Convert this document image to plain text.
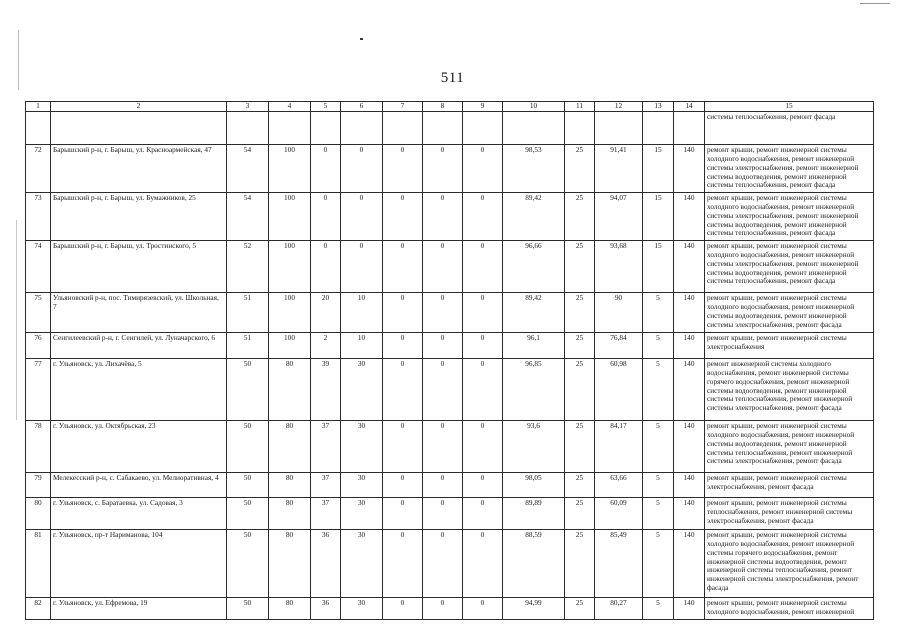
511
1	2	3	4	5	6	7	8	9	10	11	12	13	14	15
														системы теплоснабжения, ремонт фасада
72	Барышский р-н, г. Барыш, ул. Красноармейская, 47	54	100	0	0	0	0	0	98,53	25	91,41	15	140	ремонт крыши, ремонт инженерной системы холодного водоснабжения, ремонт инженерной системы электроснабжения, ремонт инженерной системы водоотведения, ремонт инженерной системы теплоснабжения, ремонт фасада
73	Барышский р-н, г. Барыш, ул. Бумажников, 25	54	100	0	0	0	0	0	89,42	25	94,07	15	140	ремонт крыши, ремонт инженерной системы холодного водоснабжения, ремонт инженерной системы электроснабжения, ремонт инженерной системы водоотведения, ремонт инженерной системы теплоснабжения, ремонт фасада
74	Барышский р-н, г. Барыш, ул. Тростинского, 5	52	100	0	0	0	0	0	96,66	25	93,68	15	140	ремонт крыши, ремонт инженерной системы холодного водоснабжения, ремонт инженерной системы электроснабжения, ремонт инженерной системы водоотведения, ремонт инженерной системы теплоснабжения, ремонт фасада
75	Ульяновский р-н, пос. Тимирязевский, ул. Школьная, 7	51	100	20	10	0	0	0	89,42	25	90	5	140	ремонт крыши, ремонт инженерной системы холодного водоснабжения, ремонт инженерной системы водоотведения, ремонт инженерной системы электроснабжения, ремонт фасада
76	Сенгилеевский р-н, г. Сенгилей, ул. Луначарского, 6	51	100	2	10	0	0	0	96,1	25	76,84	5	140	ремонт крыши, ремонт инженерной системы электроснабжения
77	г. Ульяновск, ул. Лихачёва, 5	50	80	39	30	0	0	0	96,85	25	60,98	5	140	ремонт инженерной системы холодного водоснабжения, ремонт инженерной системы горячего водоснабжения, ремонт инженерной системы водоотведения, ремонт инженерной системы теплоснабжения, ремонт инженерной системы электроснабжения, ремонт фасада
78	г. Ульяновск, ул. Октябрьская, 23	50	80	37	30	0	0	0	93,6	25	84,17	5	140	ремонт крыши, ремонт инженерной системы холодного водоснабжения, ремонт инженерной системы водоотведения, ремонт инженерной системы теплоснабжения, ремонт инженерной системы электроснабжения, ремонт фасада
79	Мелекесский р-н, с. Сабакаево, ул. Мелиоративная, 4	50	80	37	30	0	0	0	98,05	25	63,66	5	140	ремонт крыши, ремонт инженерной системы электроснабжения, ремонт фасада
80	г. Ульяновск, с. Баратаевка, ул. Садовая, 3	50	80	37	30	0	0	0	89,89	25	60,09	5	140	ремонт крыши, ремонт инженерной системы теплоснабжения, ремонт инженерной системы электроснабжения, ремонт фасада
81	г. Ульяновск, пр-т Нариманова, 104	50	80	36	30	0	0	0	88,59	25	85,49	5	140	ремонт крыши, ремонт инженерной системы холодного водоснабжения, ремонт инженерной системы горячего водоснабжения, ремонт инженерной системы водоотведения, ремонт инженерной системы теплоснабжения, ремонт инженерной системы электроснабжения, ремонт фасада
82	г. Ульяновск, ул. Ефремова, 19	50	80	36	30	0	0	0	94,99	25	80,27	5	140	ремонт крыши, ремонт инженерной системы холодного водоснабжения, ремонт инженерной
